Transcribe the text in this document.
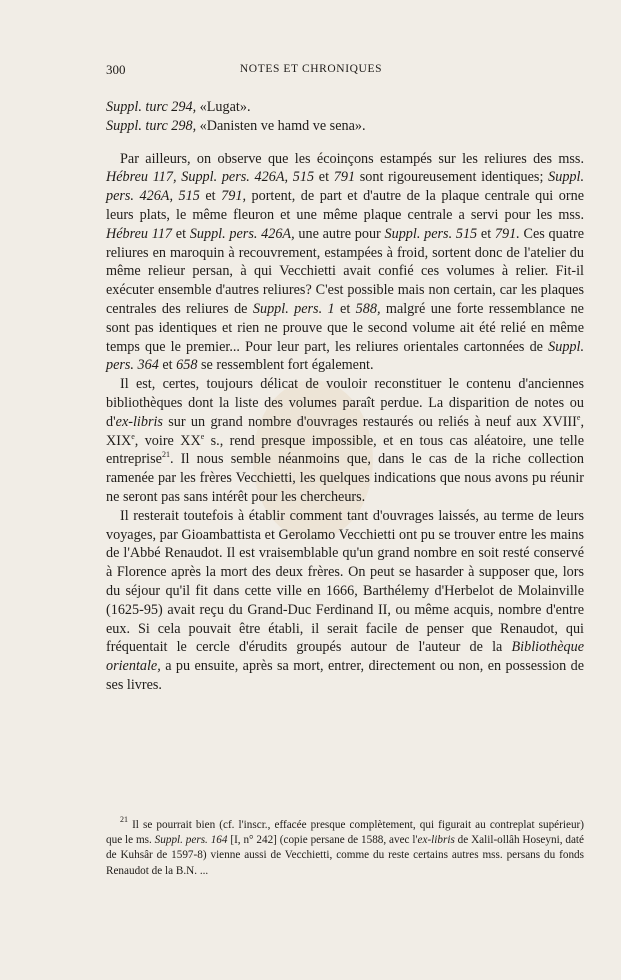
300	NOTES ET CHRONIQUES

Suppl. turc 294, «Lugat».

Suppl. turc 298, «Danisten ve hamd ve sena».

Par ailleurs, on observe que les écoinçons estampés sur les reliures des mss. Hébreu 117, Suppl. pers. 426A, 515 et 791 sont rigoureusement identiques; Suppl. pers. 426A, 515 et 791, portent, de part et d'autre de la plaque centrale qui orne leurs plats, le même fleuron et une même plaque centrale a servi pour les mss. Hébreu 117 et Suppl. pers. 426A, une autre pour Suppl. pers. 515 et 791. Ces quatre reliures en maroquin à recouvrement, estampées à froid, sortent donc de l'atelier du même relieur persan, à qui Vecchietti avait confié ces volumes à relier. Fit-il exécuter ensemble d'autres reliures? C'est possible mais non certain, car les plaques centrales des reliures de Suppl. pers. 1 et 588, malgré une forte ressemblance ne sont pas identiques et rien ne prouve que le second volume ait été relié en même temps que le premier... Pour leur part, les reliures orientales cartonnées de Suppl. pers. 364 et 658 se ressemblent fort également.

Il est, certes, toujours délicat de vouloir reconstituer le contenu d'anciennes bibliothèques dont la liste des volumes paraît perdue. La disparition de notes ou d'ex-libris sur un grand nombre d'ouvrages restaurés ou reliés à neuf aux XVIIIe, XIXe, voire XXe s., rend presque impossible, et en tous cas aléatoire, une telle entreprise$^{21}$. Il nous semble néanmoins que, dans le cas de la riche collection ramenée par les frères Vecchietti, les quelques indications que nous avons pu réunir ne seront pas sans intérêt pour les chercheurs.

Il resterait toutefois à établir comment tant d'ouvrages laissés, au terme de leurs voyages, par Gioambattista et Gerolamo Vecchietti ont pu se trouver entre les mains de l'Abbé Renaudot. Il est vraisemblable qu'un grand nombre en soit resté conservé à Florence après la mort des deux frères. On peut se hasarder à supposer que, lors du séjour qu'il fit dans cette ville en 1666, Barthélemy d'Herbelot de Molainville (1625-95) avait reçu du Grand-Duc Ferdinand II, ou même acquis, nombre d'entre eux. Si cela pouvait être établi, il serait facile de penser que Renaudot, qui fréquentait le cercle d'érudits groupés autour de l'auteur de la Bibliothèque orientale, a pu ensuite, après sa mort, entrer, directement ou non, en possession de ses livres.

$^{21}$ Il se pourrait bien (cf. l'inscr., effacée presque complètement, qui figurait au contreplat supérieur) que le ms. Suppl. pers. 164 [I, n° 242] (copie persane de 1588, avec l'ex-libris de Xalil-ollâh Hoseyni, daté de Kuhsâr de 1597-8) vienne aussi de Vecchietti, comme du reste certains autres mss. persans du fonds Renaudot de la B.N. ...
